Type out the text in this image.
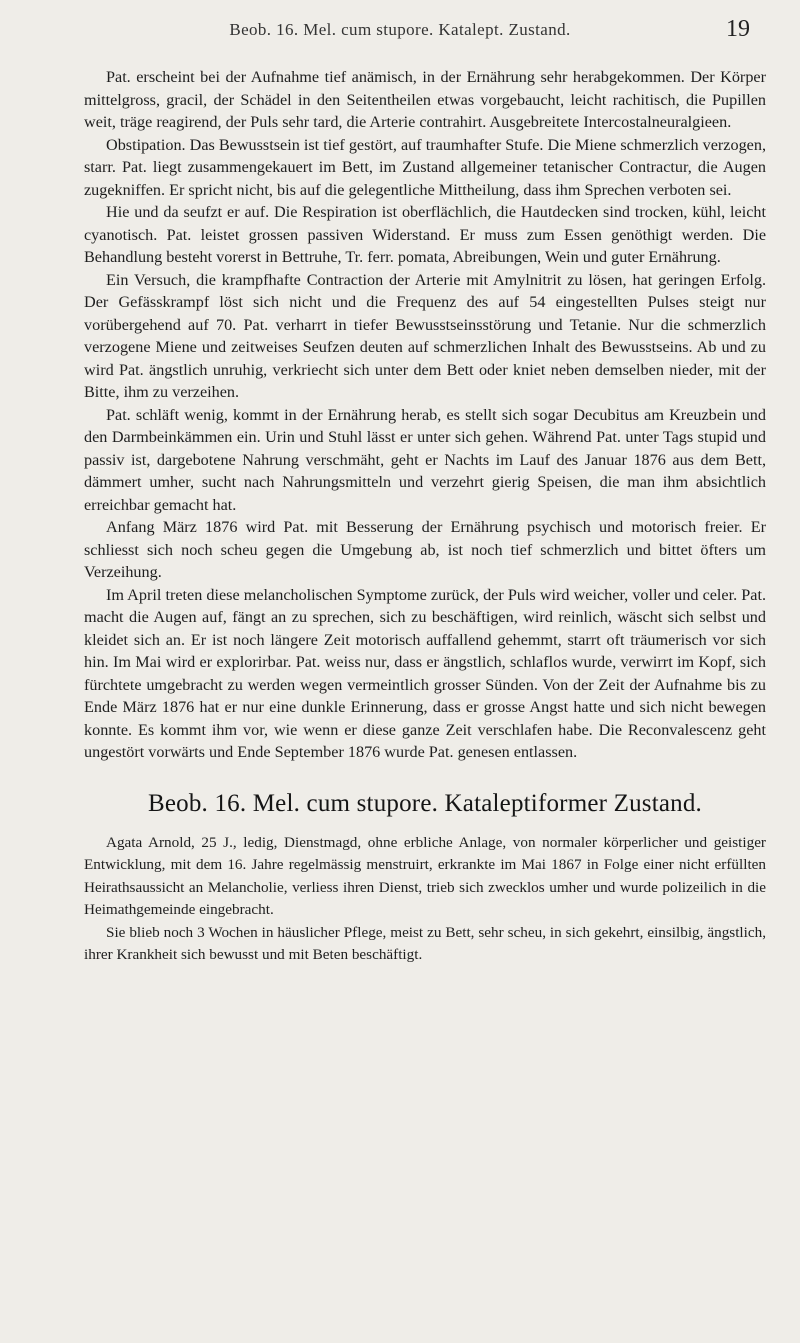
Beob. 16. Mel. cum stupore. Katalept. Zustand.	19

Pat. erscheint bei der Aufnahme tief anämisch, in der Ernährung sehr herabgekommen. Der Körper mittelgross, gracil, der Schädel in den Seitentheilen etwas vorgebaucht, leicht rachitisch, die Pupillen weit, träge reagirend, der Puls sehr tard, die Arterie contrahirt. Ausgebreitete Intercostalneuralgieen.

Obstipation. Das Bewusstsein ist tief gestört, auf traumhafter Stufe. Die Miene schmerzlich verzogen, starr. Pat. liegt zusammengekauert im Bett, im Zustand allgemeiner tetanischer Contractur, die Augen zugekniffen. Er spricht nicht, bis auf die gelegentliche Mittheilung, dass ihm Sprechen verboten sei.

Hie und da seufzt er auf. Die Respiration ist oberflächlich, die Hautdecken sind trocken, kühl, leicht cyanotisch. Pat. leistet grossen passiven Widerstand. Er muss zum Essen genöthigt werden. Die Behandlung besteht vorerst in Bettruhe, Tr. ferr. pomata, Abreibungen, Wein und guter Ernährung.

Ein Versuch, die krampfhafte Contraction der Arterie mit Amylnitrit zu lösen, hat geringen Erfolg. Der Gefässkrampf löst sich nicht und die Frequenz des auf 54 eingestellten Pulses steigt nur vorübergehend auf 70. Pat. verharrt in tiefer Bewusstseinsstörung und Tetanie. Nur die schmerzlich verzogene Miene und zeitweises Seufzen deuten auf schmerzlichen Inhalt des Bewusstseins. Ab und zu wird Pat. ängstlich unruhig, verkriecht sich unter dem Bett oder kniet neben demselben nieder, mit der Bitte, ihm zu verzeihen.

Pat. schläft wenig, kommt in der Ernährung herab, es stellt sich sogar Decubitus am Kreuzbein und den Darmbeinkämmen ein. Urin und Stuhl lässt er unter sich gehen. Während Pat. unter Tags stupid und passiv ist, dargebotene Nahrung verschmäht, geht er Nachts im Lauf des Januar 1876 aus dem Bett, dämmert umher, sucht nach Nahrungsmitteln und verzehrt gierig Speisen, die man ihm absichtlich erreichbar gemacht hat.

Anfang März 1876 wird Pat. mit Besserung der Ernährung psychisch und motorisch freier. Er schliesst sich noch scheu gegen die Umgebung ab, ist noch tief schmerzlich und bittet öfters um Verzeihung.

Im April treten diese melancholischen Symptome zurück, der Puls wird weicher, voller und celer. Pat. macht die Augen auf, fängt an zu sprechen, sich zu beschäftigen, wird reinlich, wäscht sich selbst und kleidet sich an. Er ist noch längere Zeit motorisch auffallend gehemmt, starrt oft träumerisch vor sich hin. Im Mai wird er explorirbar. Pat. weiss nur, dass er ängstlich, schlaflos wurde, verwirrt im Kopf, sich fürchtete umgebracht zu werden wegen vermeintlich grosser Sünden. Von der Zeit der Aufnahme bis zu Ende März 1876 hat er nur eine dunkle Erinnerung, dass er grosse Angst hatte und sich nicht bewegen konnte. Es kommt ihm vor, wie wenn er diese ganze Zeit verschlafen habe. Die Reconvalescenz geht ungestört vorwärts und Ende September 1876 wurde Pat. genesen entlassen.

Beob. 16. Mel. cum stupore. Kataleptiformer Zustand.

Agata Arnold, 25 J., ledig, Dienstmagd, ohne erbliche Anlage, von normaler körperlicher und geistiger Entwicklung, mit dem 16. Jahre regelmässig menstruirt, erkrankte im Mai 1867 in Folge einer nicht erfüllten Heirathsaussicht an Melancholie, verliess ihren Dienst, trieb sich zwecklos umher und wurde polizeilich in die Heimathgemeinde eingebracht.

Sie blieb noch 3 Wochen in häuslicher Pflege, meist zu Bett, sehr scheu, in sich gekehrt, einsilbig, ängstlich, ihrer Krankheit sich bewusst und mit Beten beschäftigt.
